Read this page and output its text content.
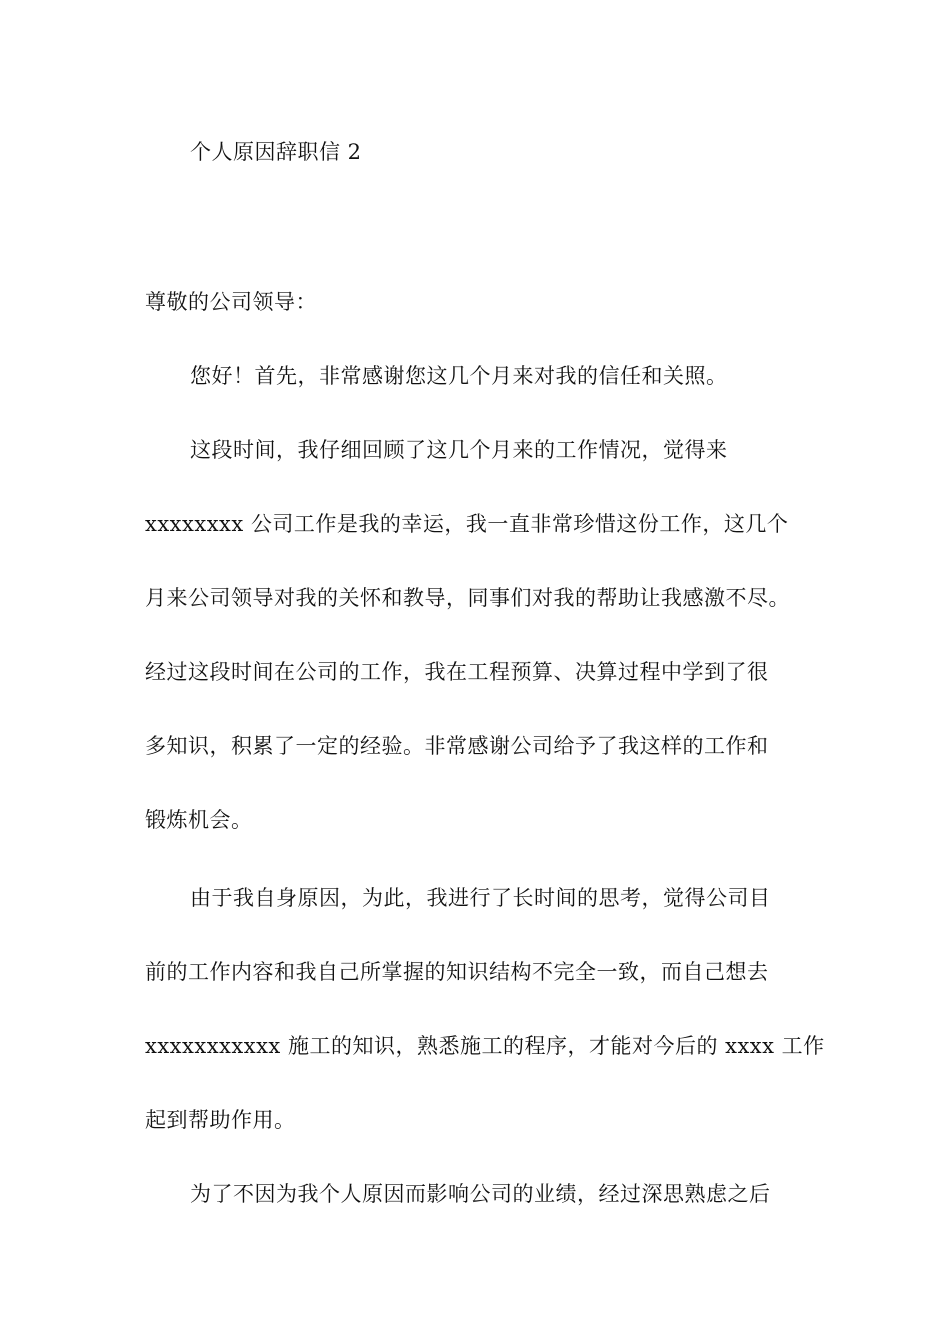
个人原因辞职信 2
尊敬的公司领导：
您好！首先，非常感谢您这几个月来对我的信任和关照。
这段时间，我仔细回顾了这几个月来的工作情况，觉得来
xxxxxxxx 公司工作是我的幸运，我一直非常珍惜这份工作，这几个
月来公司领导对我的关怀和教导，同事们对我的帮助让我感激不尽。
经过这段时间在公司的工作，我在工程预算、决算过程中学到了很
多知识，积累了一定的经验。非常感谢公司给予了我这样的工作和
锻炼机会。
由于我自身原因，为此，我进行了长时间的思考，觉得公司目
前的工作内容和我自己所掌握的知识结构不完全一致，而自己想去
xxxxxxxxxxx 施工的知识，熟悉施工的程序，才能对今后的 xxxx 工作
起到帮助作用。
为了不因为我个人原因而影响公司的业绩，经过深思熟虑之后
